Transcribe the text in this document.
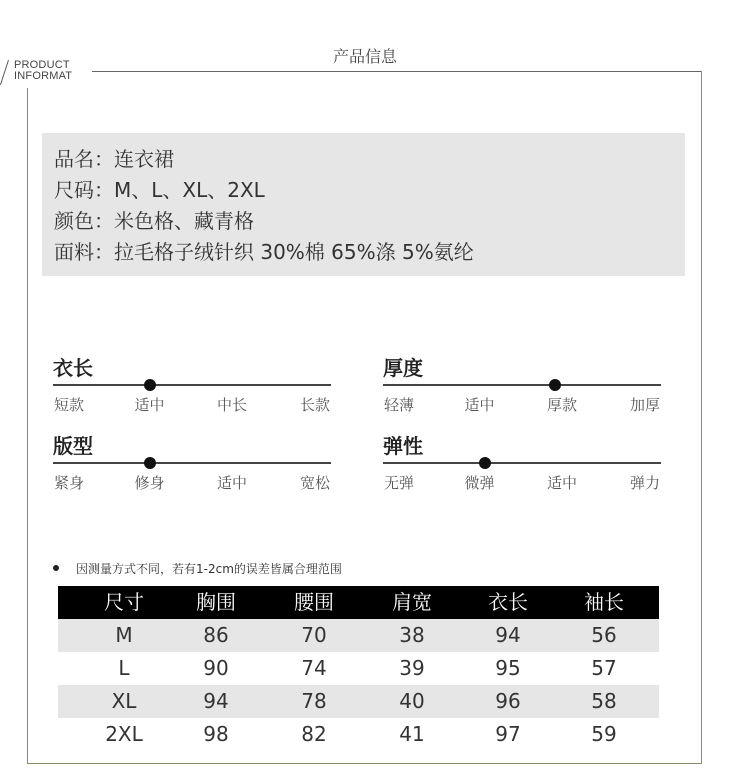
PRODUCT
INFORMAT
产品信息
品名：连衣裙
尺码：M、L、XL、2XL
颜色：米色格、藏青格
面料：拉毛格子绒针织 30%棉 65%涤 5%氨纶
衣长
短款	适中	中长	长款
厚度
轻薄	适中	厚款	加厚
版型
紧身	修身	适中	宽松
弹性
无弹	微弹	适中	弹力
因测量方式不同，若有1-2cm的误差皆属合理范围
尺寸	胸围	腰围	肩宽	衣长	袖长
M	86	70	38	94	56
L	90	74	39	95	57
XL	94	78	40	96	58
2XL	98	82	41	97	59
